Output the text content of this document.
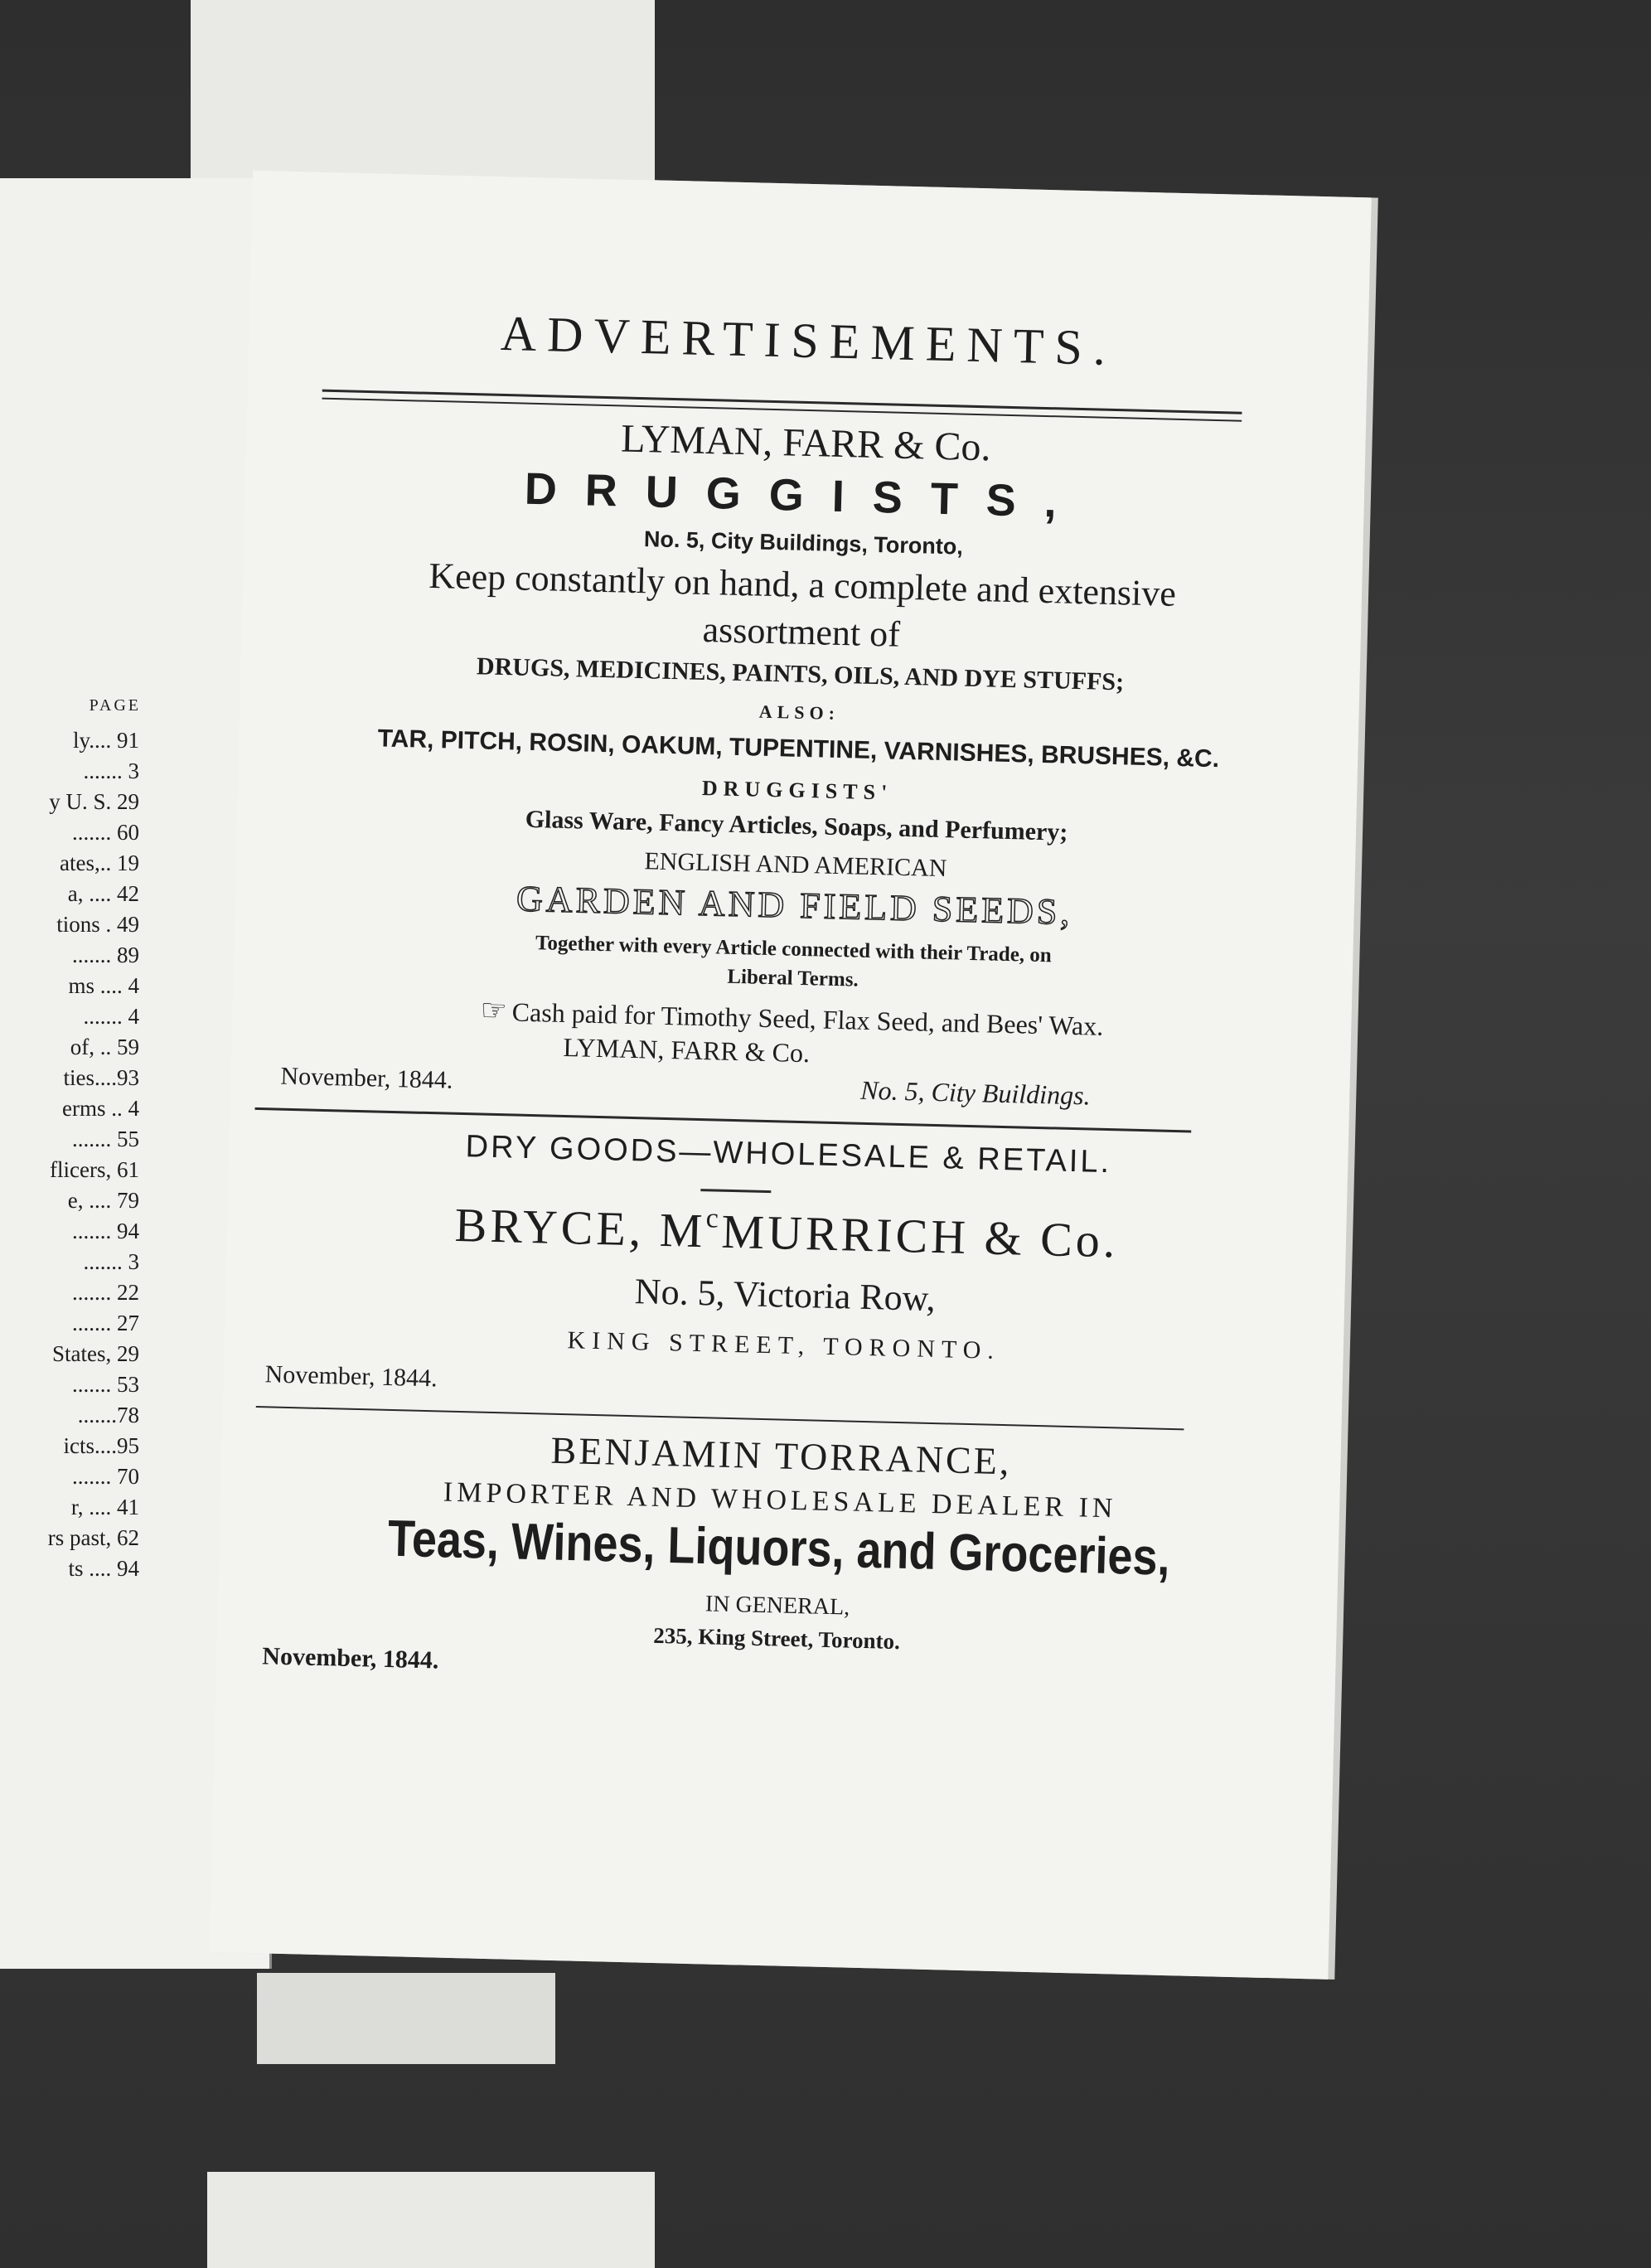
PAGE
ly.... 91
....... 3
y U. S. 29
....... 60
ates,.. 19
a, .... 42
tions . 49
....... 89
ms .... 4
....... 4
of, .. 59
ties....93
erms .. 4
....... 55
flicers, 61
e, .... 79
....... 94
....... 3
....... 22
....... 27
States, 29
....... 53
.......78
icts....95
....... 70
r, .... 41
rs past, 62
ts .... 94
ADVERTISEMENTS.
LYMAN, FARR & Co.
DRUGGISTS,
No. 5, City Buildings, Toronto,
Keep constantly on hand, a complete and extensive
assortment of
DRUGS, MEDICINES, PAINTS, OILS, AND DYE STUFFS;
ALSO:
TAR, PITCH, ROSIN, OAKUM, TUPENTINE, VARNISHES, BRUSHES, &C.
DRUGGISTS'
Glass Ware, Fancy Articles, Soaps, and Perfumery;
ENGLISH AND AMERICAN
GARDEN AND FIELD SEEDS,
Together with every Article connected with their Trade, on
Liberal Terms.
☞ Cash paid for Timothy Seed, Flax Seed, and Bees' Wax.
LYMAN, FARR & Co.
November, 1844.	No. 5, City Buildings.
DRY GOODS—WHOLESALE & RETAIL.
BRYCE, $M^cMURRICH$ & Co.
No. 5, Victoria Row,
KING STREET, TORONTO.
November, 1844.
BENJAMIN TORRANCE,
IMPORTER AND WHOLESALE DEALER IN
Teas, Wines, Liquors, and Groceries,
IN GENERAL,
235, King Street, Toronto.
November, 1844.
